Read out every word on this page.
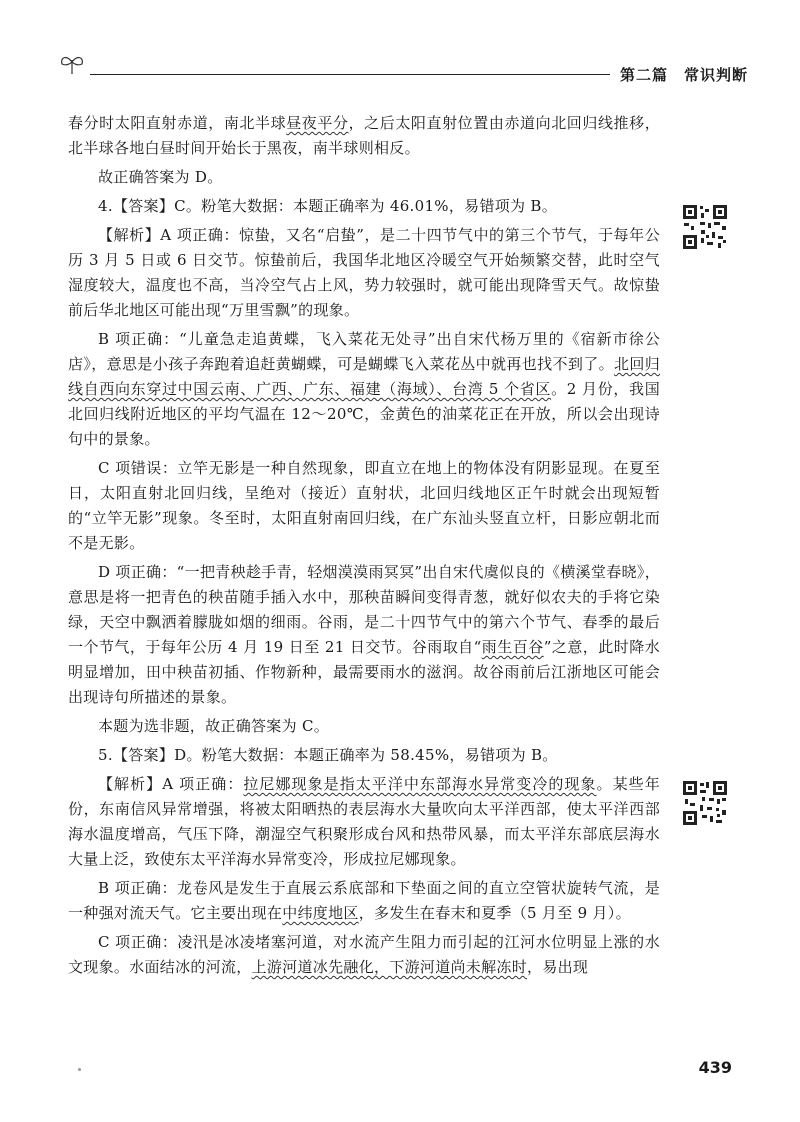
第二篇　常识判断

春分时太阳直射赤道，南北半球昼夜平分，之后太阳直射位置由赤道向北回归线推移，北半球各地白昼时间开始长于黑夜，南半球则相反。

故正确答案为 D。

4.【答案】C。粉笔大数据：本题正确率为 46.01%，易错项为 B。

【解析】A 项正确：惊蛰，又名“启蛰”，是二十四节气中的第三个节气，于每年公历 3 月 5 日或 6 日交节。惊蛰前后，我国华北地区冷暖空气开始频繁交替，此时空气湿度较大，温度也不高，当冷空气占上风，势力较强时，就可能出现降雪天气。故惊蛰前后华北地区可能出现“万里雪飘”的现象。

B 项正确：“儿童急走追黄蝶，飞入菜花无处寻”出自宋代杨万里的《宿新市徐公店》，意思是小孩子奔跑着追赶黄蝴蝶，可是蝴蝶飞入菜花丛中就再也找不到了。北回归线自西向东穿过中国云南、广西、广东、福建（海域）、台湾 5 个省区。2 月份，我国北回归线附近地区的平均气温在 12～20℃，金黄色的油菜花正在开放，所以会出现诗句中的景象。

C 项错误：立竿无影是一种自然现象，即直立在地上的物体没有阴影显现。在夏至日，太阳直射北回归线，呈绝对（接近）直射状，北回归线地区正午时就会出现短暂的“立竿无影”现象。冬至时，太阳直射南回归线，在广东汕头竖直立杆，日影应朝北而不是无影。

D 项正确：“一把青秧趁手青，轻烟漠漠雨冥冥”出自宋代虞似良的《横溪堂春晓》，意思是将一把青色的秧苗随手插入水中，那秧苗瞬间变得青葱，就好似农夫的手将它染绿，天空中飘洒着朦胧如烟的细雨。谷雨，是二十四节气中的第六个节气、春季的最后一个节气，于每年公历 4 月 19 日至 21 日交节。谷雨取自“雨生百谷”之意，此时降水明显增加，田中秧苗初插、作物新种，最需要雨水的滋润。故谷雨前后江浙地区可能会出现诗句所描述的景象。

本题为选非题，故正确答案为 C。

5.【答案】D。粉笔大数据：本题正确率为 58.45%，易错项为 B。

【解析】A 项正确：拉尼娜现象是指太平洋中东部海水异常变冷的现象。某些年份，东南信风异常增强，将被太阳晒热的表层海水大量吹向太平洋西部，使太平洋西部海水温度增高，气压下降，潮湿空气积聚形成台风和热带风暴，而太平洋东部底层海水大量上泛，致使东太平洋海水异常变冷，形成拉尼娜现象。

B 项正确：龙卷风是发生于直展云系底部和下垫面之间的直立空管状旋转气流，是一种强对流天气。它主要出现在中纬度地区，多发生在春末和夏季（5 月至 9 月）。

C 项正确：凌汛是冰凌堵塞河道，对水流产生阻力而引起的江河水位明显上涨的水文现象。水面结冰的河流，上游河道冰先融化，下游河道尚未解冻时，易出现

439
